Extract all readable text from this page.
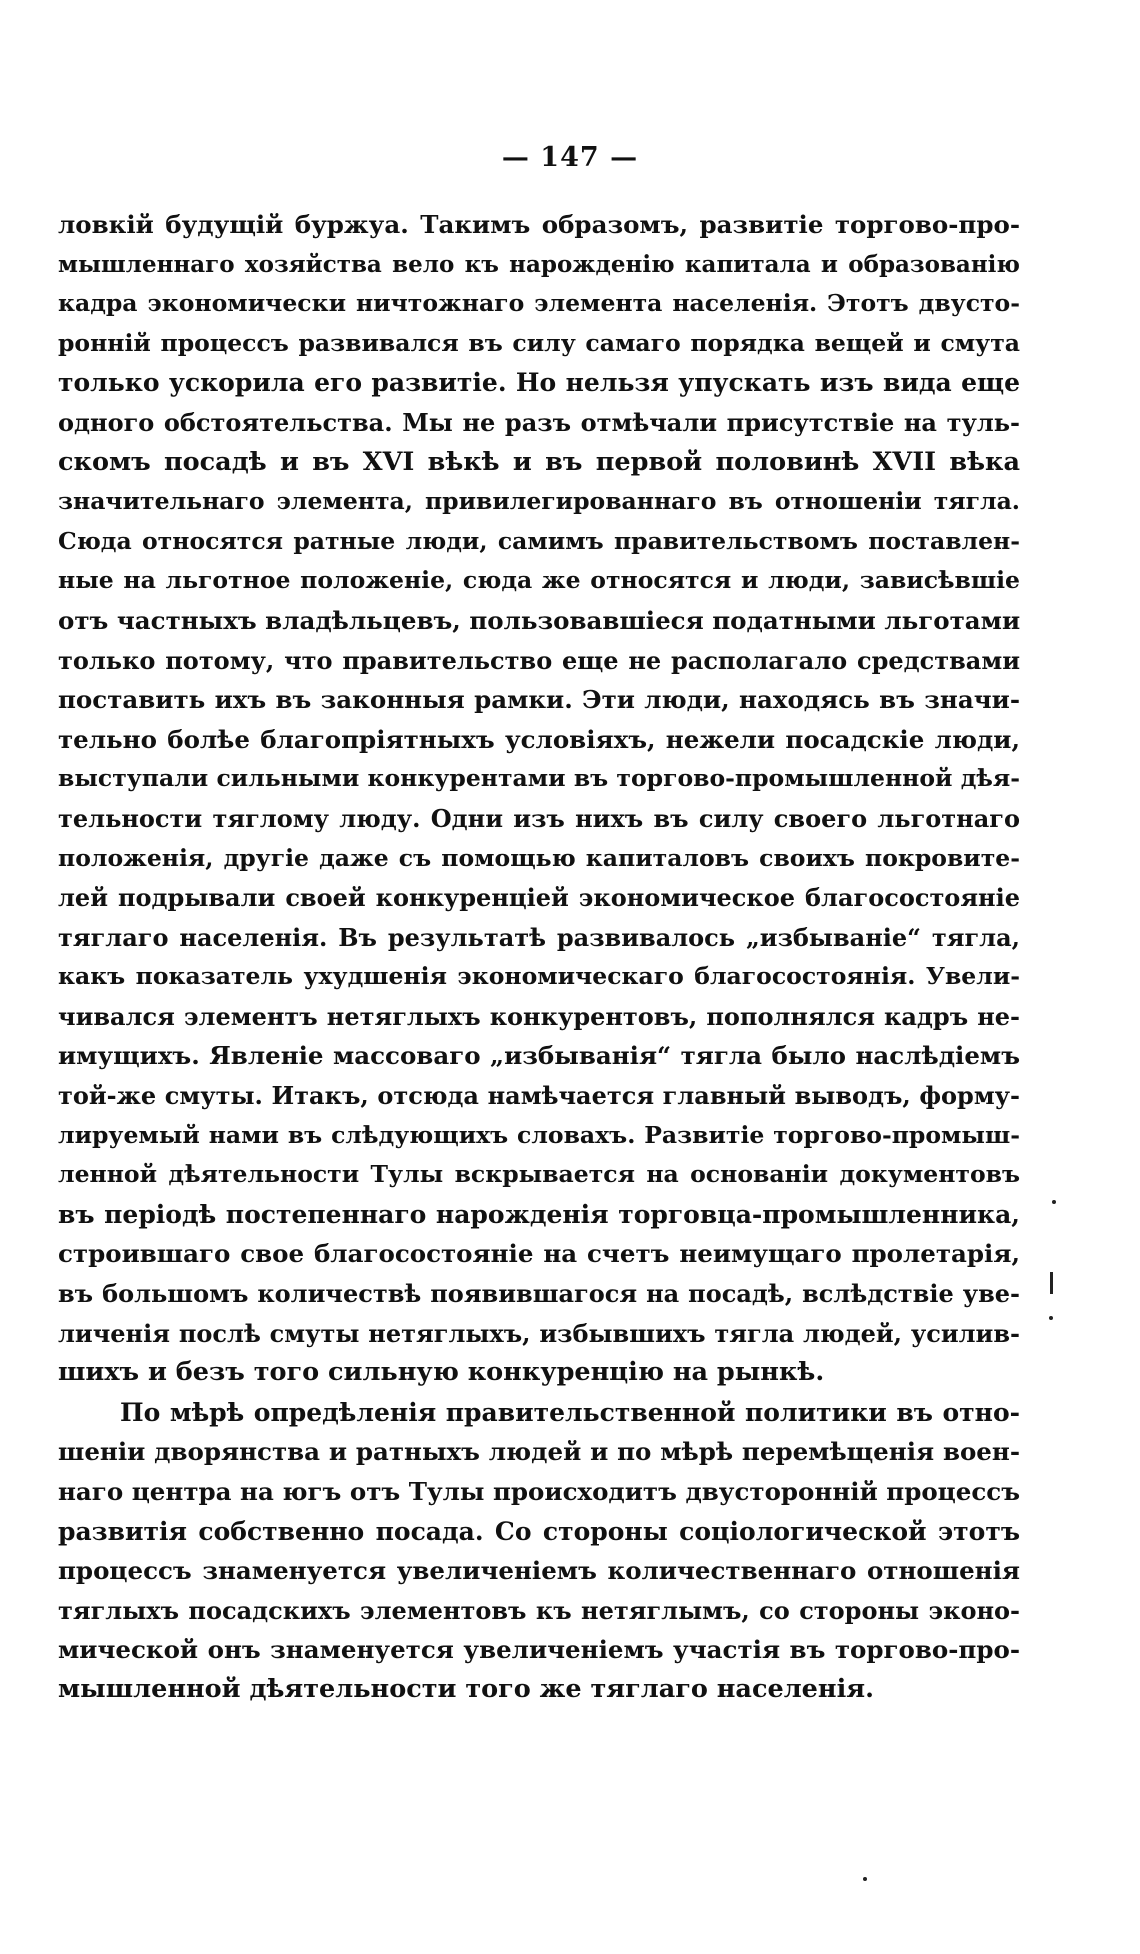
— 147 —
ловкій будущій буржуа. Такимъ образомъ, развитіе торгово-про-
мышленнаго хозяйства вело къ нарожденію капитала и образованію
кадра экономически ничтожнаго элемента населенія. Этотъ двусто-
ронній процессъ развивался въ силу самаго порядка вещей и смута
только ускорила его развитіе. Но нельзя упускать изъ вида еще
одного обстоятельства. Мы не разъ отмѣчали присутствіе на туль-
скомъ посадѣ и въ XVI вѣкѣ и въ первой половинѣ XVII вѣка
значительнаго элемента, привилегированнаго въ отношеніи тягла.
Сюда относятся ратные люди, самимъ правительствомъ поставлен-
ные на льготное положеніе, сюда же относятся и люди, зависѣвшіе
отъ частныхъ владѣльцевъ, пользовавшіеся податными льготами
только потому, что правительство еще не располагало средствами
поставить ихъ въ законныя рамки. Эти люди, находясь въ значи-
тельно болѣе благопріятныхъ условіяхъ, нежели посадскіе люди,
выступали сильными конкурентами въ торгово-промышленной дѣя-
тельности тяглому люду. Одни изъ нихъ въ силу своего льготнаго
положенія, другіе даже съ помощью капиталовъ своихъ покровите-
лей подрывали своей конкуренціей экономическое благосостояніе
тяглаго населенія. Въ результатѣ развивалось „избываніе“ тягла,
какъ показатель ухудшенія экономическаго благосостоянія. Увели-
чивался элементъ нетяглыхъ конкурентовъ, пополнялся кадръ не-
имущихъ. Явленіе массоваго „избыванія“ тягла было наслѣдіемъ
той-же смуты. Итакъ, отсюда намѣчается главный выводъ, форму-
лируемый нами въ слѣдующихъ словахъ. Развитіе торгово-промыш-
ленной дѣятельности Тулы вскрывается на основаніи документовъ
въ періодѣ постепеннаго нарожденія торговца-промышленника,
строившаго свое благосостояніе на счетъ неимущаго пролетарія,
въ большомъ количествѣ появившагося на посадѣ, вслѣдствіе уве-
личенія послѣ смуты нетяглыхъ, избывшихъ тягла людей, усилив-
шихъ и безъ того сильную конкуренцію на рынкѣ.
По мѣрѣ опредѣленія правительственной политики въ отно-
шеніи дворянства и ратныхъ людей и по мѣрѣ перемѣщенія воен-
наго центра на югъ отъ Тулы происходитъ двусторонній процессъ
развитія собственно посада. Со стороны соціологической этотъ
процессъ знаменуется увеличеніемъ количественнаго отношенія
тяглыхъ посадскихъ элементовъ къ нетяглымъ, со стороны эконо-
мической онъ знаменуется увеличеніемъ участія въ торгово-про-
мышленной дѣятельности того же тяглаго населенія.
